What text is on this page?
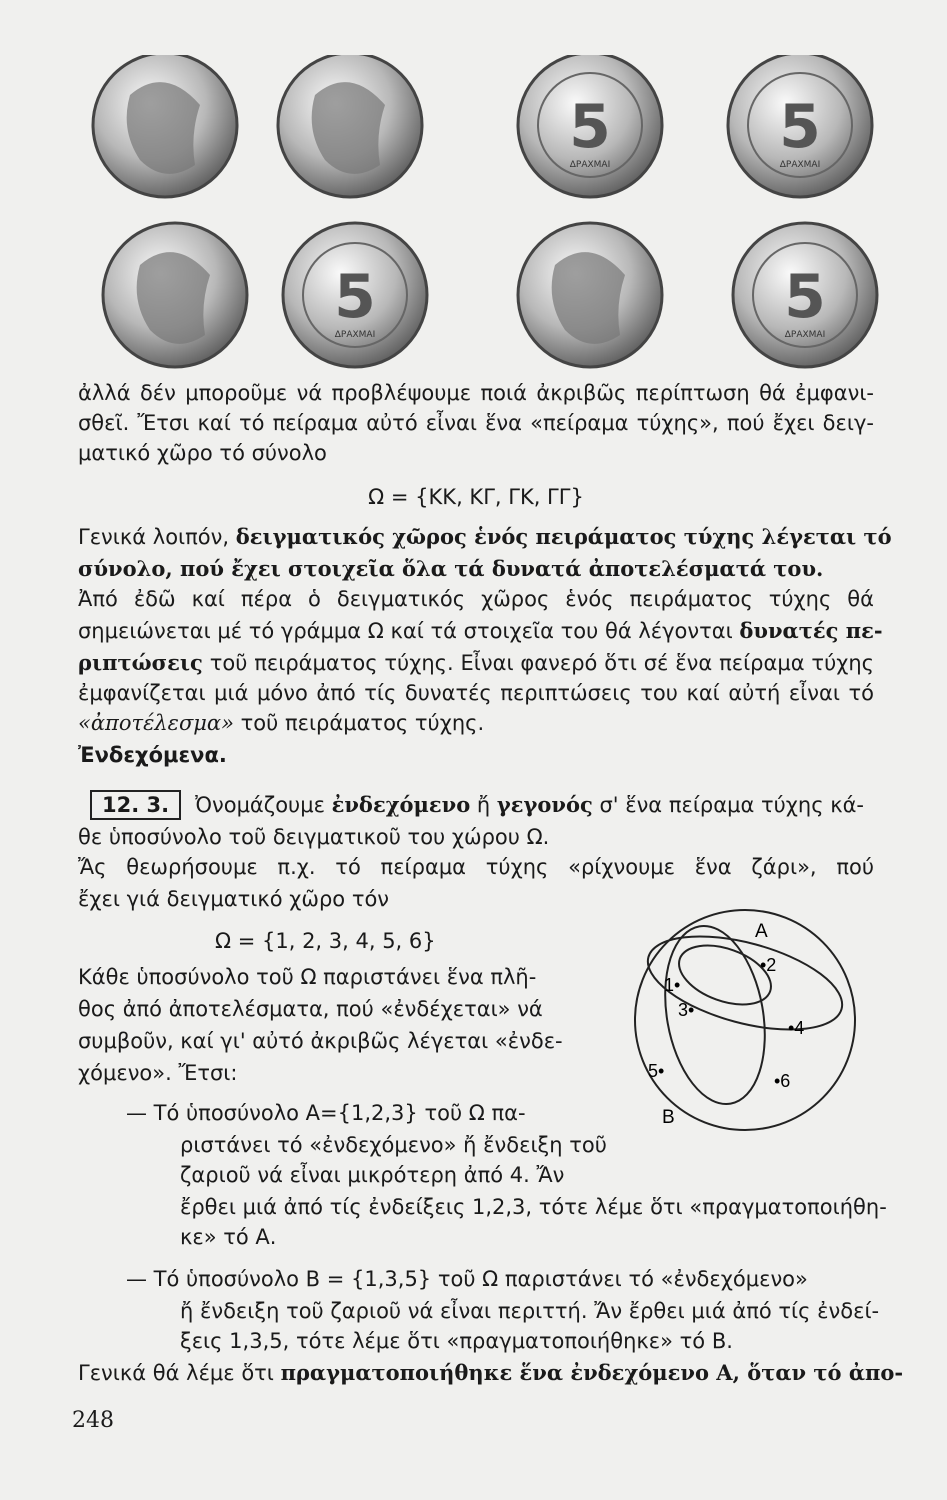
5
ΔΡΑΧΜΑΙ
5
ΔΡΑΧΜΑΙ
5
ΔΡΑΧΜΑΙ
5
ΔΡΑΧΜΑΙ
ἀλλά δέν μποροῦμε νά προβλέψουμε ποιά ἀκριβῶς περίπτωση θά ἐμφανι-
σθεῖ. Ἔτσι καί τό πείραμα αὐτό εἶναι ἕνα «πείραμα τύχης», πού ἔχει δειγ-
ματικό χῶρο τό σύνολο
Ω = {ΚΚ, ΚΓ, ΓΚ, ΓΓ}
Γενικά λοιπόν, δειγματικός χῶρος ἑνός πειράματος τύχης λέγεται τό
σύνολο, πού ἔχει στοιχεῖα ὅλα τά δυνατά ἀποτελέσματά του.
Ἀπό ἐδῶ καί πέρα ὁ δειγματικός χῶρος ἑνός πειράματος τύχης θά
σημειώνεται μέ τό γράμμα Ω καί τά στοιχεῖα του θά λέγονται δυνατές πε-
ριπτώσεις τοῦ πειράματος τύχης. Εἶναι φανερό ὅτι σέ ἕνα πείραμα τύχης
ἐμφανίζεται μιά μόνο ἀπό τίς δυνατές περιπτώσεις του καί αὐτή εἶναι τό
«ἀποτέλεσμα» τοῦ πειράματος τύχης.
Ἐνδεχόμενα.
12. 3. Ὀνομάζουμε ἐνδεχόμενο ἤ γεγονός σ' ἕνα πείραμα τύχης κά-
θε ὑποσύνολο τοῦ δειγματικοῦ του χώρου Ω.
Ἄς θεωρήσουμε π.χ. τό πείραμα τύχης «ρίχνουμε ἕνα ζάρι», πού
ἔχει γιά δειγματικό χῶρο τόν
Ω = {1, 2, 3, 4, 5, 6}
Κάθε ὑποσύνολο τοῦ Ω παριστάνει ἕνα πλῆ-
θος ἀπό ἀποτελέσματα, πού «ἐνδέχεται» νά
συμβοῦν, καί γι' αὐτό ἀκριβῶς λέγεται «ἐνδε-
χόμενο». Ἔτσι:
— Τό ὑποσύνολο Α={1,2,3} τοῦ Ω πα-
ριστάνει τό «ἐνδεχόμενο» ἤ ἔνδειξη τοῦ
ζαριοῦ νά εἶναι μικρότερη ἀπό 4. Ἄν
ἔρθει μιά ἀπό τίς ἐνδείξεις 1,2,3, τότε λέμε ὅτι «πραγματοποιήθη-
κε» τό Α.
— Τό ὑποσύνολο Β = {1,3,5} τοῦ Ω παριστάνει τό «ἐνδεχόμενο»
ἤ ἔνδειξη τοῦ ζαριοῦ νά εἶναι περιττή. Ἄν ἔρθει μιά ἀπό τίς ἐνδεί-
ξεις 1,3,5, τότε λέμε ὅτι «πραγματοποιήθηκε» τό Β.
Γενικά θά λέμε ὅτι πραγματοποιήθηκε ἕνα ἐνδεχόμενο Α, ὅταν τό ἀπο-
A
B
1•
•2
3•
•4
5•	•6
248
